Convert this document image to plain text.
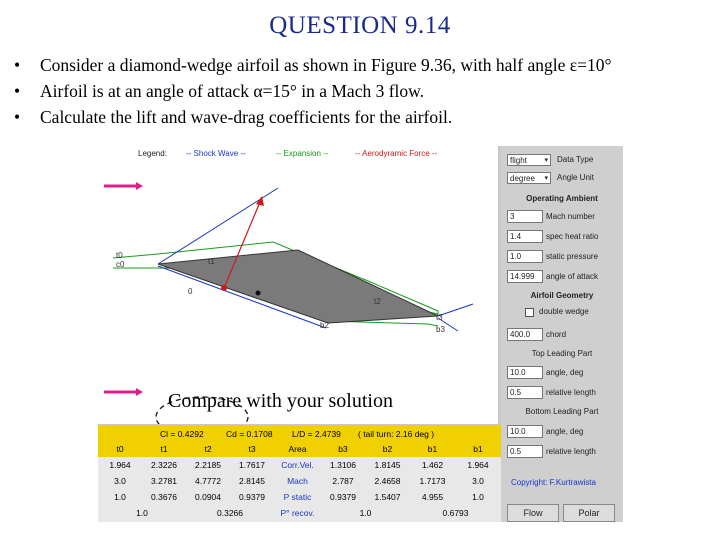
QUESTION 9.14
• Consider a diamond-wedge airfoil as shown in Figure 9.36, with half angle ε=10°
• Airfoil is at an angle of attack α=15° in a Mach 3 flow.
• Calculate the lift and wave-drag coefficients for the airfoil.
Legend: -- Shock Wave --	-- Expansion --	-- Aerodyramic Force --
t0
c0	t1
0
t2
b2
t3
b3
Compare with your solution
flight ▾	Data Type
degree ▾	Angle Unit
Operating Ambient
3	Mach number
1.4	spec heat ratio
1.0	static pressure
14.999	angle of attack
Airfoil Geometry
double wedge
400.0	chord
Top Leading Part
10.0	angle, deg
0.5	relative length
Bottom Leading Part
10.0	angle, deg
0.5	relative length
Copyright: F.Kurtrawista
Flow	Polar
Cl = 0.4292	Cd = 0.1708 L/D = 2.4739 ( tail turn: 2.16 deg )
t0	t1	t2	t3	Area	b3	b2	b1	b1
1.964	2.3226	2.2185	1.7617	Corr.Vel.	1.3106	1.8145	1.462	1.964
3.0	3.2781	4.7772	2.8145	Mach	2.787	2.4658	1.7173	3.0
1.0	0.3676	0.0904	0.9379	P static	0.9379	1.5407	4.955	1.0
1.0	0.3266	P° recov.	1.0	0.6793
